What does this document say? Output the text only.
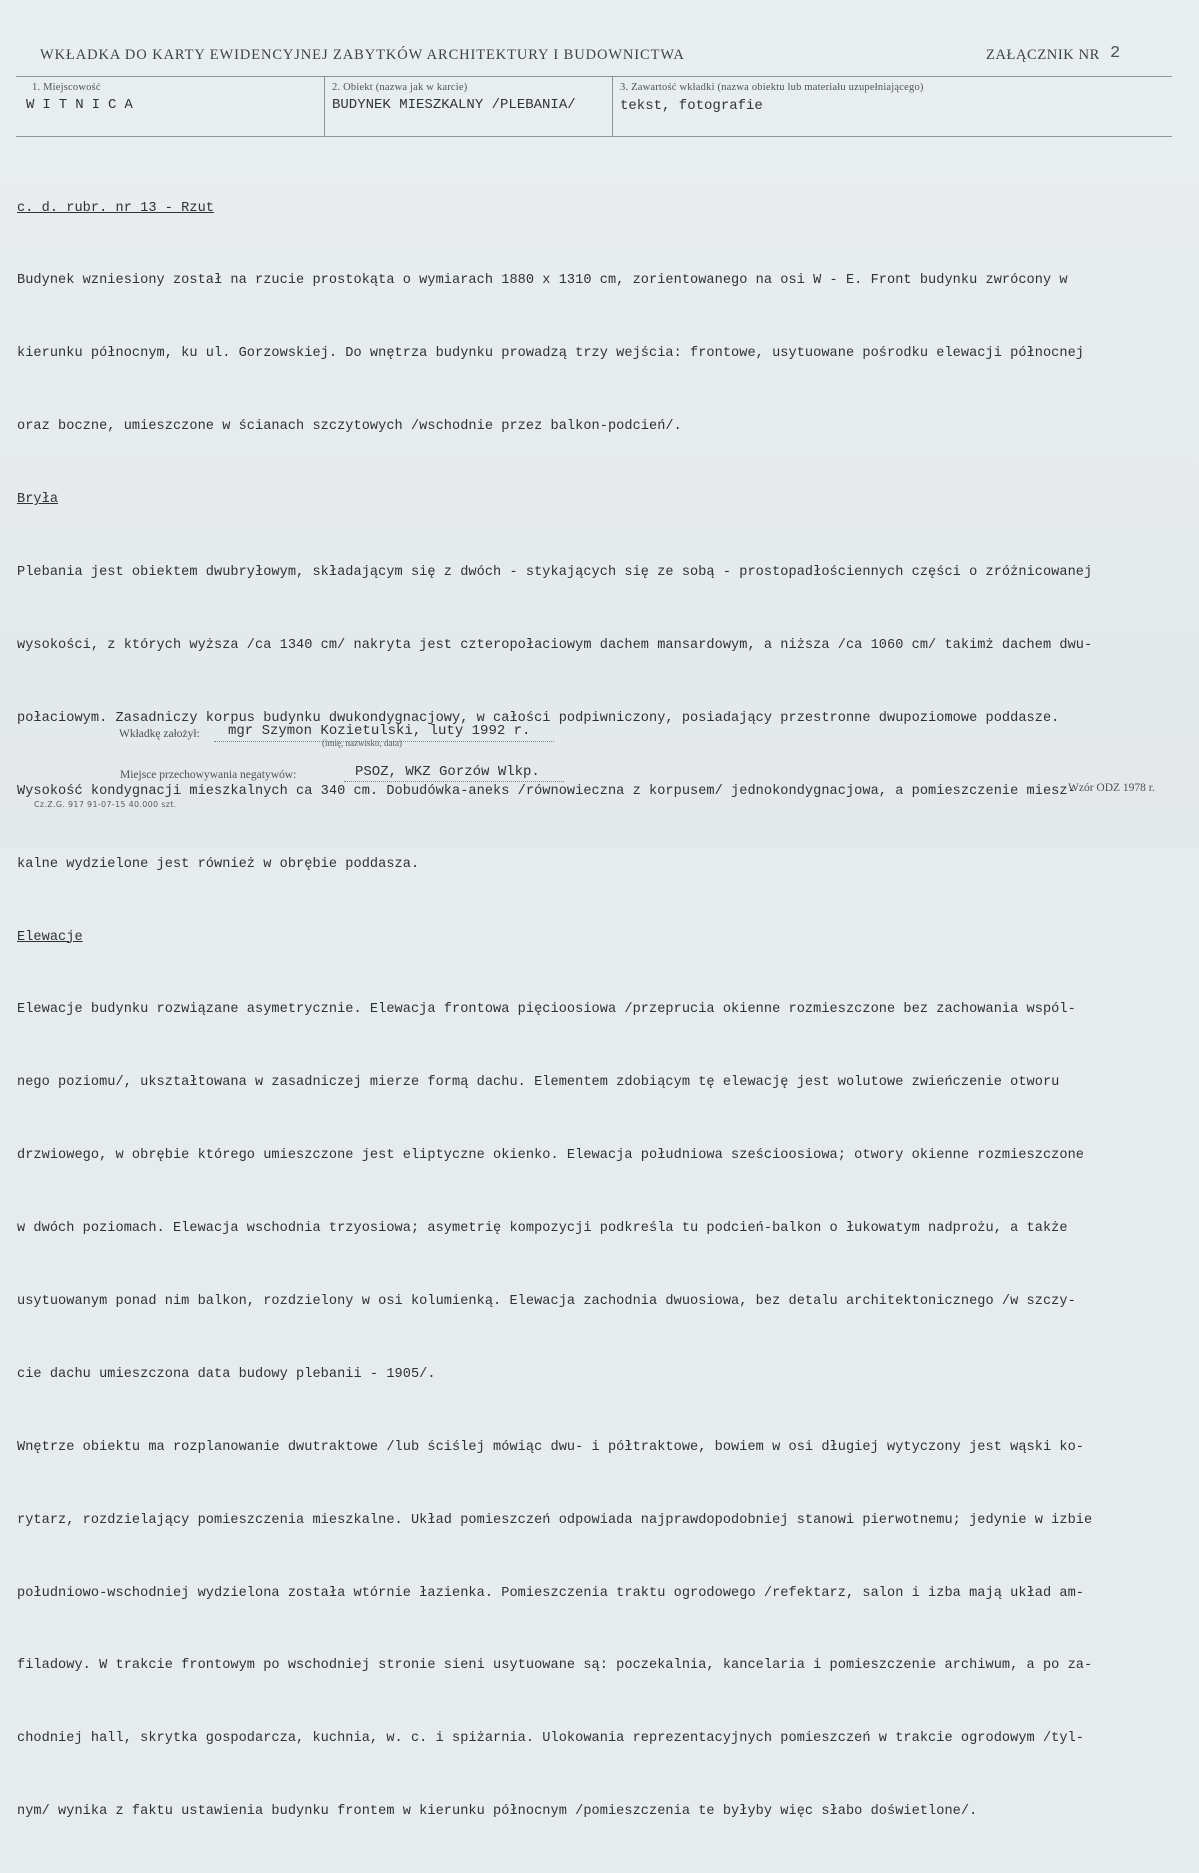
WKŁADKA DO KARTY EWIDENCYJNEJ ZABYTKÓW ARCHITEKTURY I BUDOWNICTWA	ZAŁĄCZNIK NR 2
1. Miejscowość
WITNICA
2. Obiekt (nazwa jak w karcie)
BUDYNEK MIESZKALNY /PLEBANIA/
3. Zawartość wkładki (nazwa obiektu lub materiału uzupełniającego)
tekst, fotografie

c. d. rubr. nr 13 - Rzut

Budynek wzniesiony został na rzucie prostokąta o wymiarach 1880 x 1310 cm, zorientowanego na osi W - E. Front budynku zwrócony w

kierunku północnym, ku ul. Gorzowskiej. Do wnętrza budynku prowadzą trzy wejścia: frontowe, usytuowane pośrodku elewacji północnej

oraz boczne, umieszczone w ścianach szczytowych /wschodnie przez balkon-podcień/.

Bryła

Plebania jest obiektem dwubryłowym, składającym się z dwóch - stykających się ze sobą - prostopadłościennych części o zróżnicowanej

wysokości, z których wyższa /ca 1340 cm/ nakryta jest czteropołaciowym dachem mansardowym, a niższa /ca 1060 cm/ takimż dachem dwu-

połaciowym. Zasadniczy korpus budynku dwukondygnacjowy, w całości podpiwniczony, posiadający przestronne dwupoziomowe poddasze.

Wysokość kondygnacji mieszkalnych ca 340 cm. Dobudówka-aneks /równowieczna z korpusem/ jednokondygnacjowa, a pomieszczenie miesz-

kalne wydzielone jest również w obrębie poddasza.

Elewacje

Elewacje budynku rozwiązane asymetrycznie. Elewacja frontowa pięcioosiowa /przeprucia okienne rozmieszczone bez zachowania wspól-

nego poziomu/, ukształtowana w zasadniczej mierze formą dachu. Elementem zdobiącym tę elewację jest wolutowe zwieńczenie otworu

drzwiowego, w obrębie którego umieszczone jest eliptyczne okienko. Elewacja południowa sześcioosiowa; otwory okienne rozmieszczone

w dwóch poziomach. Elewacja wschodnia trzyosiowa; asymetrię kompozycji podkreśla tu podcień-balkon o łukowatym nadprożu, a także

usytuowanym ponad nim balkon, rozdzielony w osi kolumienką. Elewacja zachodnia dwuosiowa, bez detalu architektonicznego /w szczy-

cie dachu umieszczona data budowy plebanii - 1905/.

Wnętrze obiektu ma rozplanowanie dwutraktowe /lub ściślej mówiąc dwu- i półtraktowe, bowiem w osi długiej wytyczony jest wąski ko-

rytarz, rozdzielający pomieszczenia mieszkalne. Układ pomieszczeń odpowiada najprawdopodobniej stanowi pierwotnemu; jedynie w izbie

południowo-wschodniej wydzielona została wtórnie łazienka. Pomieszczenia traktu ogrodowego /refektarz, salon i izba mają układ am-

filadowy. W trakcie frontowym po wschodniej stronie sieni usytuowane są: poczekalnia, kancelaria i pomieszczenie archiwum, a po za-

chodniej hall, skrytka gospodarcza, kuchnia, w. c. i spiżarnia. Ulokowania reprezentacyjnych pomieszczeń w trakcie ogrodowym /tyl-

nym/ wynika z faktu ustawienia budynku frontem w kierunku północnym /pomieszczenia te byłyby więc słabo doświetlone/.

Wkładkę założył: mgr Szymon Kozietulski, luty 1992 r.
(imię, nazwisko, data)
Miejsce przechowywania negatywów:	PSOZ, WKZ Gorzów Wlkp.
Wzór ODZ 1978 r.
Cz.Z.G. 917 91-07-15 40.000 szt.
